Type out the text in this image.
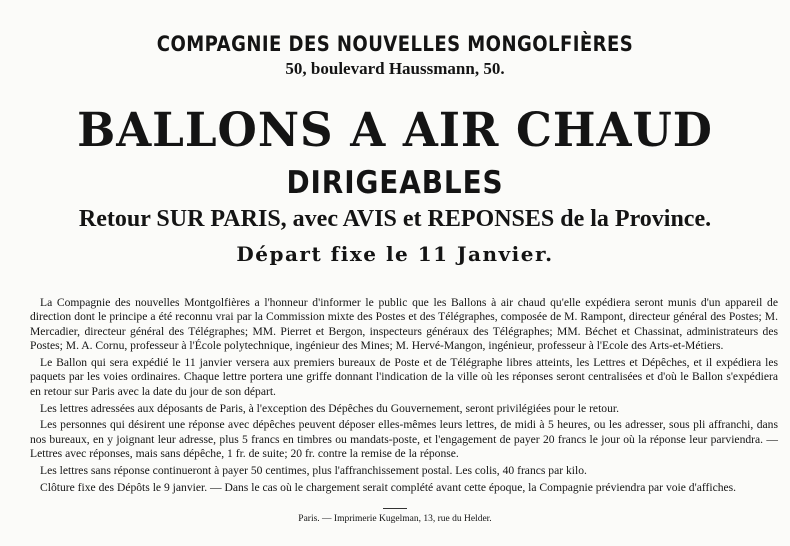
COMPAGNIE DES NOUVELLES MONGOLFIÈRES
50, boulevard Haussmann, 50.
BALLONS A AIR CHAUD
DIRIGEABLES
Retour SUR PARIS, avec AVIS et REPONSES de la Province.
Départ fixe le 11 Janvier.

La Compagnie des nouvelles Montgolfières a l'honneur d'informer le public que les Ballons à air chaud qu'elle expédiera seront munis d'un appareil de direction dont le principe a été reconnu vrai par la Commission mixte des Postes et des Télégraphes, composée de M. Rampont, directeur général des Postes; M. Mercadier, directeur général des Télégraphes; MM. Pierret et Bergon, inspecteurs généraux des Télégraphes; MM. Béchet et Chassinat, administrateurs des Postes; M. A. Cornu, professeur à l'École polytechnique, ingénieur des Mines; M. Hervé-Mangon, ingénieur, professeur à l'Ecole des Arts-et-Métiers.

Le Ballon qui sera expédié le 11 janvier versera aux premiers bureaux de Poste et de Télégraphe libres atteints, les Lettres et Dépêches, et il expédiera les paquets par les voies ordinaires. Chaque lettre portera une griffe donnant l'indication de la ville où les réponses seront centralisées et d'où le Ballon s'expédiera en retour sur Paris avec la date du jour de son départ.

Les lettres adressées aux déposants de Paris, à l'exception des Dépêches du Gouvernement, seront privilégiées pour le retour.

Les personnes qui désirent une réponse avec dépêches peuvent déposer elles-mêmes leurs lettres, de midi à 5 heures, ou les adresser, sous pli affranchi, dans nos bureaux, en y joignant leur adresse, plus 5 francs en timbres ou mandats-poste, et l'engagement de payer 20 francs le jour où la réponse leur parviendra. — Lettres avec réponses, mais sans dépêche, 1 fr. de suite; 20 fr. contre la remise de la réponse.

Les lettres sans réponse continueront à payer 50 centimes, plus l'affranchissement postal. Les colis, 40 francs par kilo.

Clôture fixe des Dépôts le 9 janvier. — Dans le cas où le chargement serait complété avant cette époque, la Compagnie préviendra par voie d'affiches.

Paris. — Imprimerie Kugelman, 13, rue du Helder.
